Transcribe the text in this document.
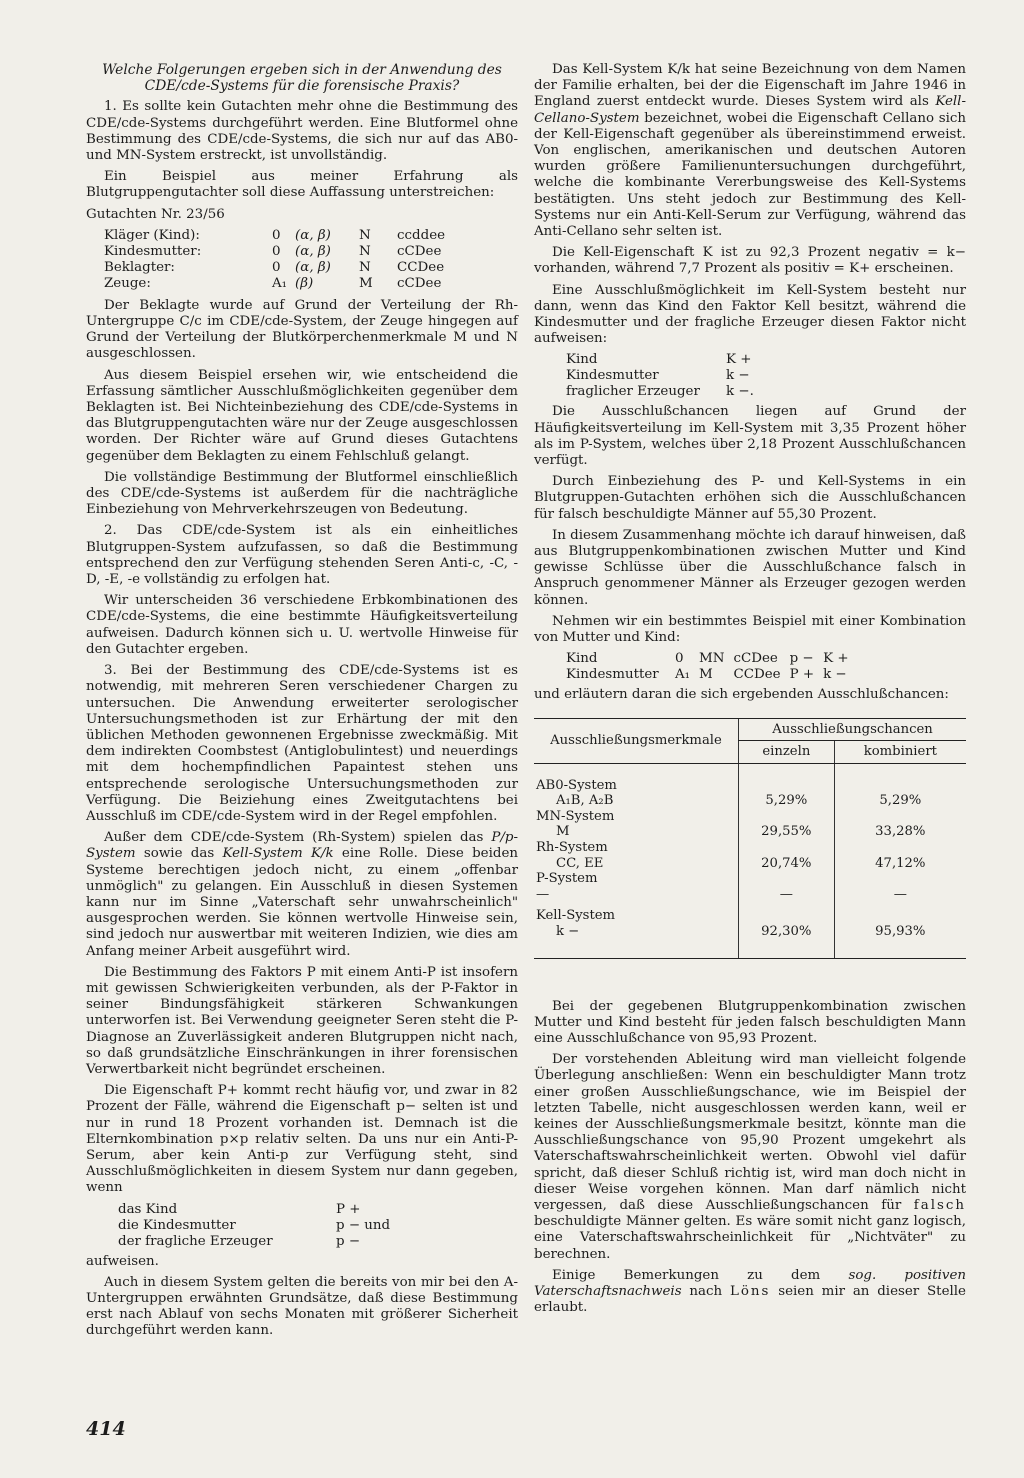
Welche Folgerungen ergeben sich in der Anwendung des CDE/cde-Systems für die forensische Praxis?

1. Es sollte kein Gutachten mehr ohne die Bestimmung des CDE/cde-Systems durchgeführt werden. Eine Blutformel ohne Bestimmung des CDE/cde-Systems, die sich nur auf das AB0- und MN-System erstreckt, ist unvollständig.

Ein Beispiel aus meiner Erfahrung als Blutgruppengutachter soll diese Auffassung unterstreichen:

Gutachten Nr. 23/56

Kläger (Kind):	0	(α, β)	N	ccddee
Kindesmutter:	0	(α, β)	N	cCDee
Beklagter:	0	(α, β)	N	CCDee
Zeuge:	A₁	(β)	M	cCDee

Der Beklagte wurde auf Grund der Verteilung der Rh-Untergruppe C/c im CDE/cde-System, der Zeuge hingegen auf Grund der Verteilung der Blutkörperchenmerkmale M und N ausgeschlossen.

Aus diesem Beispiel ersehen wir, wie entscheidend die Erfassung sämtlicher Ausschlußmöglichkeiten gegenüber dem Beklagten ist. Bei Nichteinbeziehung des CDE/cde-Systems in das Blutgruppengutachten wäre nur der Zeuge ausgeschlossen worden. Der Richter wäre auf Grund dieses Gutachtens gegenüber dem Beklagten zu einem Fehlschluß gelangt.

Die vollständige Bestimmung der Blutformel einschließlich des CDE/cde-Systems ist außerdem für die nachträgliche Einbeziehung von Mehrverkehrszeugen von Bedeutung.

2. Das CDE/cde-System ist als ein einheitliches Blutgruppen-System aufzufassen, so daß die Bestimmung entsprechend den zur Verfügung stehenden Seren Anti-c, -C, -D, -E, -e vollständig zu erfolgen hat.

Wir unterscheiden 36 verschiedene Erbkombinationen des CDE/cde-Systems, die eine bestimmte Häufigkeitsverteilung aufweisen. Dadurch können sich u. U. wertvolle Hinweise für den Gutachter ergeben.

3. Bei der Bestimmung des CDE/cde-Systems ist es notwendig, mit mehreren Seren verschiedener Chargen zu untersuchen. Die Anwendung erweiterter serologischer Untersuchungsmethoden ist zur Erhärtung der mit den üblichen Methoden gewonnenen Ergebnisse zweckmäßig. Mit dem indirekten Coombstest (Antiglobulintest) und neuerdings mit dem hochempfindlichen Papaintest stehen uns entsprechende serologische Untersuchungsmethoden zur Verfügung. Die Beiziehung eines Zweitgutachtens bei Ausschluß im CDE/cde-System wird in der Regel empfohlen.

Außer dem CDE/cde-System (Rh-System) spielen das P/p-System sowie das Kell-System K/k eine Rolle. Diese beiden Systeme berechtigen jedoch nicht, zu einem „offenbar unmöglich" zu gelangen. Ein Ausschluß in diesen Systemen kann nur im Sinne „Vaterschaft sehr unwahrscheinlich" ausgesprochen werden. Sie können wertvolle Hinweise sein, sind jedoch nur auswertbar mit weiteren Indizien, wie dies am Anfang meiner Arbeit ausgeführt wird.

Die Bestimmung des Faktors P mit einem Anti-P ist insofern mit gewissen Schwierigkeiten verbunden, als der P-Faktor in seiner Bindungsfähigkeit stärkeren Schwankungen unterworfen ist. Bei Verwendung geeigneter Seren steht die P-Diagnose an Zuverlässigkeit anderen Blutgruppen nicht nach, so daß grundsätzliche Einschränkungen in ihrer forensischen Verwertbarkeit nicht begründet erscheinen.

Die Eigenschaft P+ kommt recht häufig vor, und zwar in 82 Prozent der Fälle, während die Eigenschaft p− selten ist und nur in rund 18 Prozent vorhanden ist. Demnach ist die Elternkombination p×p relativ selten. Da uns nur ein Anti-P-Serum, aber kein Anti-p zur Verfügung steht, sind Ausschlußmöglichkeiten in diesem System nur dann gegeben, wenn

das Kind	P +
die Kindesmutter	p − und
der fragliche Erzeuger	p −

aufweisen.

Auch in diesem System gelten die bereits von mir bei den A-Untergruppen erwähnten Grundsätze, daß diese Bestimmung erst nach Ablauf von sechs Monaten mit größerer Sicherheit durchgeführt werden kann.

Das Kell-System K/k hat seine Bezeichnung von dem Namen der Familie erhalten, bei der die Eigenschaft im Jahre 1946 in England zuerst entdeckt wurde. Dieses System wird als Kell-Cellano-System bezeichnet, wobei die Eigenschaft Cellano sich der Kell-Eigenschaft gegenüber als übereinstimmend erweist. Von englischen, amerikanischen und deutschen Autoren wurden größere Familienuntersuchungen durchgeführt, welche die kombinante Vererbungsweise des Kell-Systems bestätigten. Uns steht jedoch zur Bestimmung des Kell-Systems nur ein Anti-Kell-Serum zur Verfügung, während das Anti-Cellano sehr selten ist.

Die Kell-Eigenschaft K ist zu 92,3 Prozent negativ = k− vorhanden, während 7,7 Prozent als positiv = K+ erscheinen.

Eine Ausschlußmöglichkeit im Kell-System besteht nur dann, wenn das Kind den Faktor Kell besitzt, während die Kindesmutter und der fragliche Erzeuger diesen Faktor nicht aufweisen:

Kind	K +
Kindesmutter	k −
fraglicher Erzeuger	k −.

Die Ausschlußchancen liegen auf Grund der Häufigkeitsverteilung im Kell-System mit 3,35 Prozent höher als im P-System, welches über 2,18 Prozent Ausschlußchancen verfügt.

Durch Einbeziehung des P- und Kell-Systems in ein Blutgruppen-Gutachten erhöhen sich die Ausschlußchancen für falsch beschuldigte Männer auf 55,30 Prozent.

In diesem Zusammenhang möchte ich darauf hinweisen, daß aus Blutgruppenkombinationen zwischen Mutter und Kind gewisse Schlüsse über die Ausschlußchance falsch in Anspruch genommener Männer als Erzeuger gezogen werden können.

Nehmen wir ein bestimmtes Beispiel mit einer Kombination von Mutter und Kind:

Kind	0	MN	cCDee	p −	K +
Kindesmutter	A₁	M	CCDee	P +	k −

und erläutern daran die sich ergebenden Ausschlußchancen:

Ausschließungsmerkmale	Ausschließungschancen	
	einzeln	kombiniert

AB0-System		
A₁B, A₂B	5,29%	5,29%
MN-System		
M	29,55%	33,28%
Rh-System		
CC, EE	20,74%	47,12%
P-System		
—	—	—
Kell-System		
k −	92,30%	95,93%

Bei der gegebenen Blutgruppenkombination zwischen Mutter und Kind besteht für jeden falsch beschuldigten Mann eine Ausschlußchance von 95,93 Prozent.

Der vorstehenden Ableitung wird man vielleicht folgende Überlegung anschließen: Wenn ein beschuldigter Mann trotz einer großen Ausschließungschance, wie im Beispiel der letzten Tabelle, nicht ausgeschlossen werden kann, weil er keines der Ausschließungsmerkmale besitzt, könnte man die Ausschließungschance von 95,90 Prozent umgekehrt als Vaterschaftswahrscheinlichkeit werten. Obwohl viel dafür spricht, daß dieser Schluß richtig ist, wird man doch nicht in dieser Weise vorgehen können. Man darf nämlich nicht vergessen, daß diese Ausschließungschancen für falsch beschuldigte Männer gelten. Es wäre somit nicht ganz logisch, eine Vaterschaftswahrscheinlichkeit für „Nichtväter" zu berechnen.

Einige Bemerkungen zu dem sog. positiven Vaterschaftsnachweis nach Löns seien mir an dieser Stelle erlaubt.

414
